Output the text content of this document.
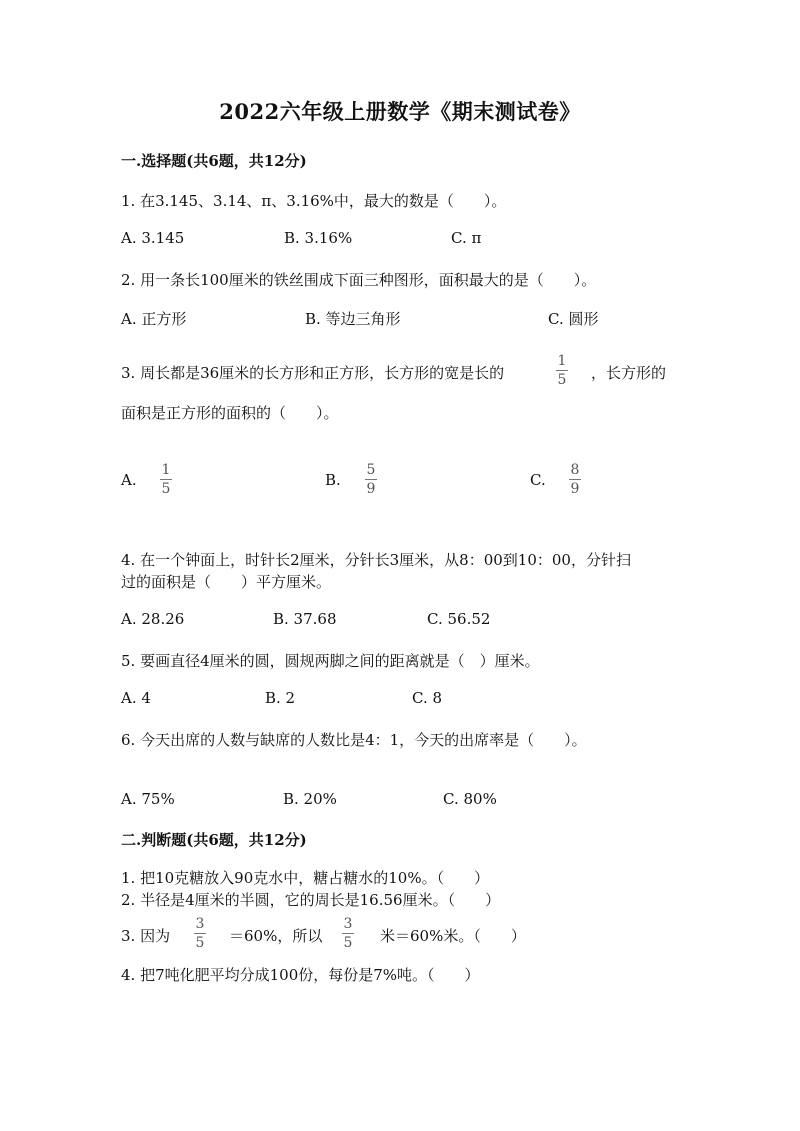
2022六年级上册数学《期末测试卷》
一.选择题(共6题，共12分)
1. 在3.145、3.14、π、3.16%中，最大的数是（　　）。
A. 3.145	B. 3.16%	C. π
2. 用一条长100厘米的铁丝围成下面三种图形，面积最大的是（　　）。
A. 正方形	B. 等边三角形	C. 圆形
3. 周长都是36厘米的长方形和正方形，长方形的宽是长的
1
5 ，长方形的
面积是正方形的面积的（　　）。
A.
1
5	B.
5
9	C.
8
9
4. 在一个钟面上，时针长2厘米，分针长3厘米，从8：00到10：00，分针扫
过的面积是（　　）平方厘米。
A. 28.26	B. 37.68	C. 56.52
5. 要画直径4厘米的圆，圆规两脚之间的距离就是（　）厘米。
A. 4	B. 2	C. 8
6. 今天出席的人数与缺席的人数比是4：1，今天的出席率是（　　）。
A. 75%	B. 20%	C. 80%
二.判断题(共6题，共12分)
1. 把10克糖放入90克水中，糖占糖水的10%。（　　）
2. 半径是4厘米的半圆，它的周长是16.56厘米。（　　）
3. 因为
3
5 ＝60%，所以
3
5 米＝60%米。（　　）
4. 把7吨化肥平均分成100份，每份是7%吨。（　　）
